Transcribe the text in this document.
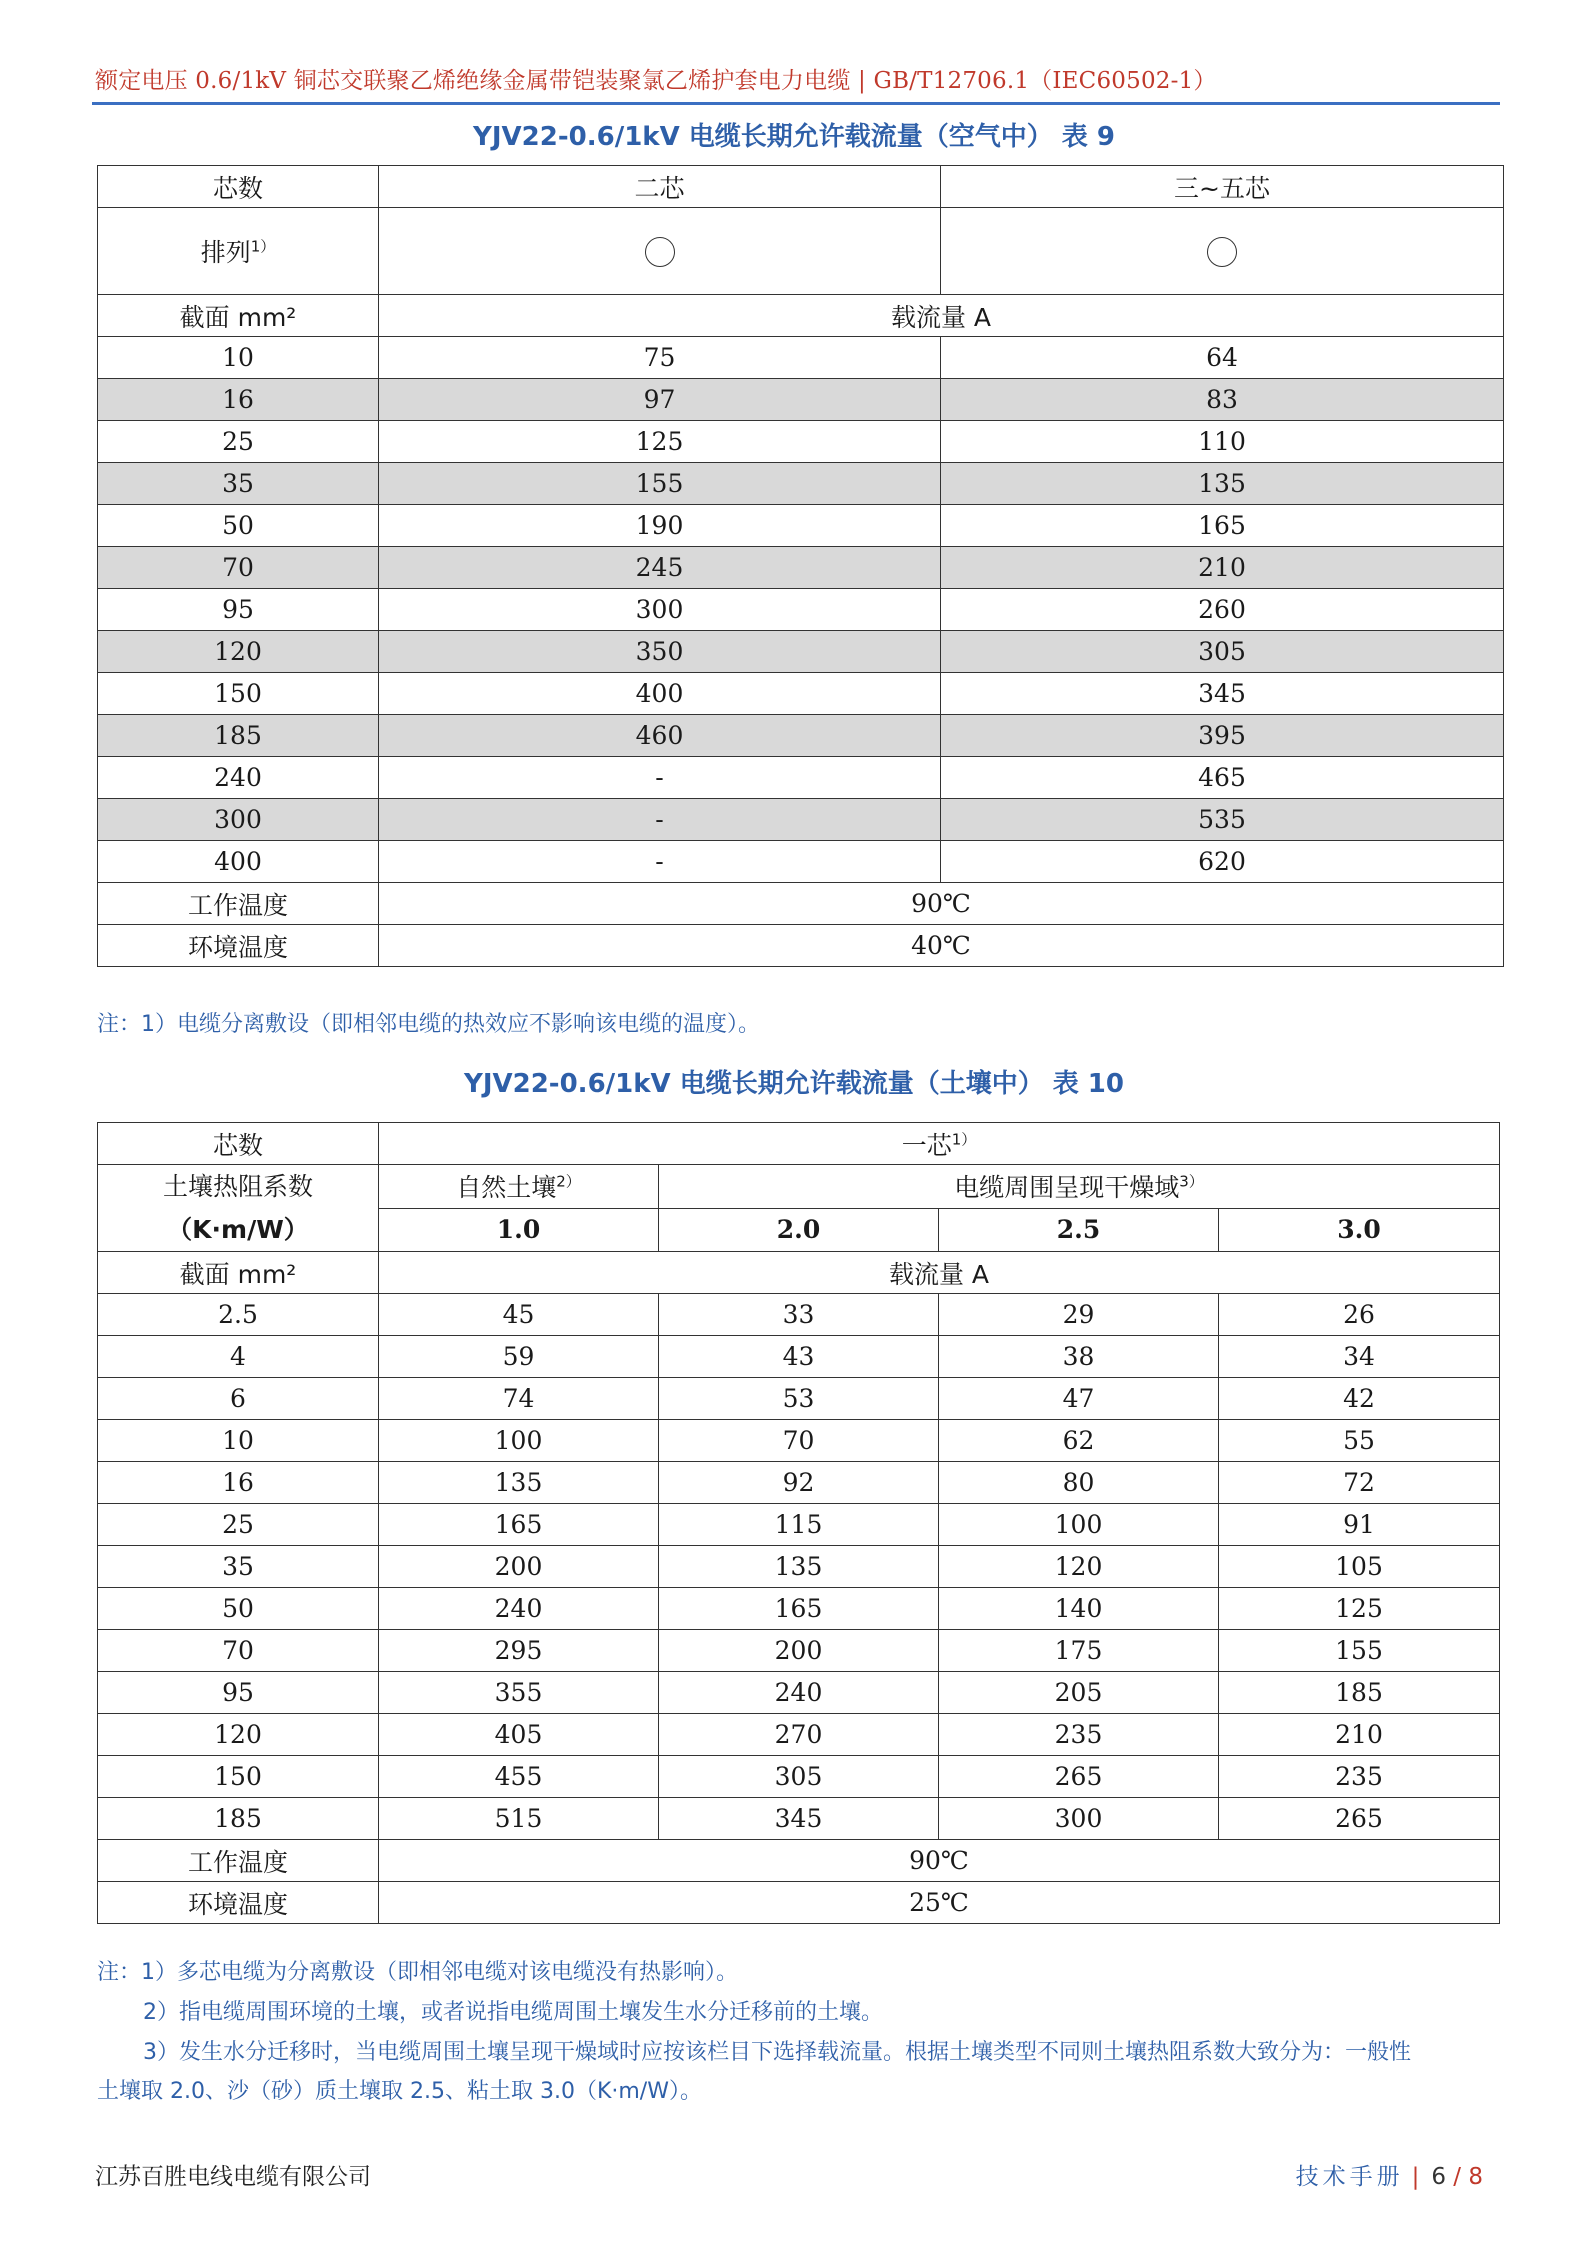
额定电压 0.6/1kV 铜芯交联聚乙烯绝缘金属带铠装聚氯乙烯护套电力电缆 | GB/T12706.1（IEC60502-1）
YJV22-0.6/1kV 电缆长期允许载流量（空气中） 表 9
芯数	二芯	三~五芯
排列$^{1)}$		
截面 mm²	载流量 A	
10	75	64
16	97	83
25	125	110
35	155	135
50	190	165
70	245	210
95	300	260
120	350	305
150	400	345
185	460	395
240	-	465
300	-	535
400	-	620
工作温度	90℃	
环境温度	40℃	
注：1）电缆分离敷设（即相邻电缆的热效应不影响该电缆的温度）。
YJV22-0.6/1kV 电缆长期允许载流量（土壤中） 表 10
芯数	一芯$^{1)}$
土壤热阻系数
（K·m/W）	自然土壤$^{2)}$	电缆周围呈现干燥域$^{3)}$
	1.0	2.0	2.5	3.0
截面 mm²	载流量 A			
2.5	45	33	29	26
4	59	43	38	34
6	74	53	47	42
10	100	70	62	55
16	135	92	80	72
25	165	115	100	91
35	200	135	120	105
50	240	165	140	125
70	295	200	175	155
95	355	240	205	185
120	405	270	235	210
150	455	305	265	235
185	515	345	300	265
工作温度	90℃			
环境温度	25℃			
注：1）多芯电缆为分离敷设（即相邻电缆对该电缆没有热影响）。
2）指电缆周围环境的土壤，或者说指电缆周围土壤发生水分迁移前的土壤。
3）发生水分迁移时，当电缆周围土壤呈现干燥域时应按该栏目下选择载流量。根据土壤类型不同则土壤热阻系数大致分为：一般性
土壤取 2.0、沙（砂）质土壤取 2.5、粘土取 3.0（K·m/W）。
江苏百胜电线电缆有限公司	技术手册 | 6 / 8
